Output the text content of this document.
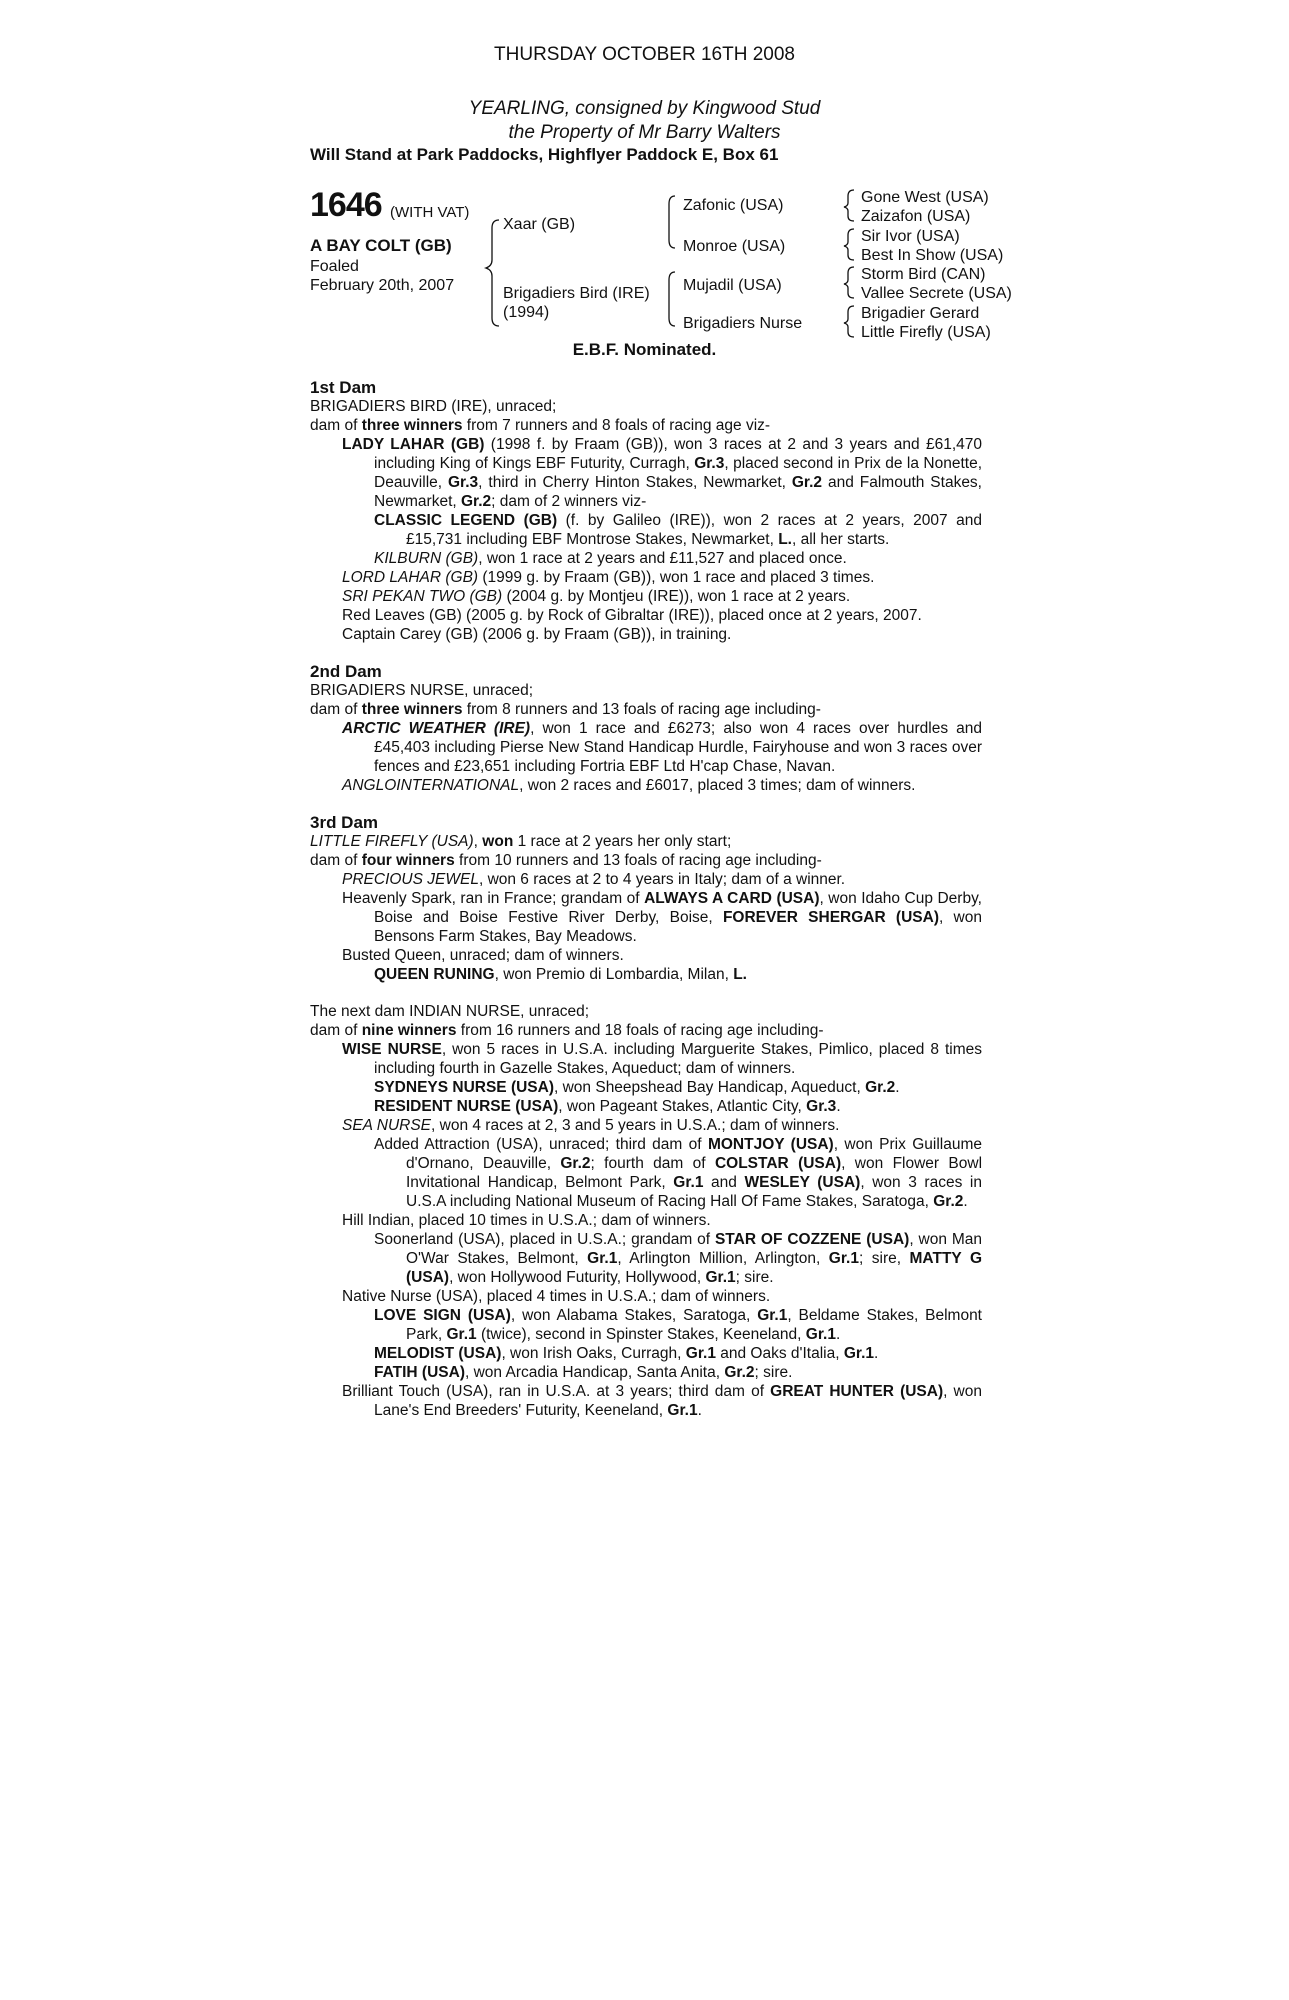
THURSDAY OCTOBER 16TH 2008
YEARLING, consigned by Kingwood Stud
the Property of Mr Barry Walters
Will Stand at Park Paddocks, Highflyer Paddock E, Box 61
1646 (WITH VAT)
A BAY COLT (GB)
Foaled
February 20th, 2007
Xaar (GB)
Brigadiers Bird (IRE)
(1994)
Zafonic (USA)
Monroe (USA)
Mujadil (USA)
Brigadiers Nurse
Gone West (USA)
Zaizafon (USA)
Sir Ivor (USA)
Best In Show (USA)
Storm Bird (CAN)
Vallee Secrete (USA)
Brigadier Gerard
Little Firefly (USA)
E.B.F. Nominated.
1st Dam
BRIGADIERS BIRD (IRE), unraced;
dam of three winners from 7 runners and 8 foals of racing age viz-
LADY LAHAR (GB) (1998 f. by Fraam (GB)), won 3 races at 2 and 3 years and £61,470 including King of Kings EBF Futurity, Curragh, Gr.3, placed second in Prix de la Nonette, Deauville, Gr.3, third in Cherry Hinton Stakes, Newmarket, Gr.2 and Falmouth Stakes, Newmarket, Gr.2; dam of 2 winners viz-
CLASSIC LEGEND (GB) (f. by Galileo (IRE)), won 2 races at 2 years, 2007 and £15,731 including EBF Montrose Stakes, Newmarket, L., all her starts.
KILBURN (GB), won 1 race at 2 years and £11,527 and placed once.
LORD LAHAR (GB) (1999 g. by Fraam (GB)), won 1 race and placed 3 times.
SRI PEKAN TWO (GB) (2004 g. by Montjeu (IRE)), won 1 race at 2 years.
Red Leaves (GB) (2005 g. by Rock of Gibraltar (IRE)), placed once at 2 years, 2007.
Captain Carey (GB) (2006 g. by Fraam (GB)), in training.
2nd Dam
BRIGADIERS NURSE, unraced;
dam of three winners from 8 runners and 13 foals of racing age including-
ARCTIC WEATHER (IRE), won 1 race and £6273; also won 4 races over hurdles and £45,403 including Pierse New Stand Handicap Hurdle, Fairyhouse and won 3 races over fences and £23,651 including Fortria EBF Ltd H'cap Chase, Navan.
ANGLOINTERNATIONAL, won 2 races and £6017, placed 3 times; dam of winners.
3rd Dam
LITTLE FIREFLY (USA), won 1 race at 2 years her only start;
dam of four winners from 10 runners and 13 foals of racing age including-
PRECIOUS JEWEL, won 6 races at 2 to 4 years in Italy; dam of a winner.
Heavenly Spark, ran in France; grandam of ALWAYS A CARD (USA), won Idaho Cup Derby, Boise and Boise Festive River Derby, Boise, FOREVER SHERGAR (USA), won Bensons Farm Stakes, Bay Meadows.
Busted Queen, unraced; dam of winners.
QUEEN RUNING, won Premio di Lombardia, Milan, L.
The next dam INDIAN NURSE, unraced;
dam of nine winners from 16 runners and 18 foals of racing age including-
WISE NURSE, won 5 races in U.S.A. including Marguerite Stakes, Pimlico, placed 8 times including fourth in Gazelle Stakes, Aqueduct; dam of winners.
SYDNEYS NURSE (USA), won Sheepshead Bay Handicap, Aqueduct, Gr.2.
RESIDENT NURSE (USA), won Pageant Stakes, Atlantic City, Gr.3.
SEA NURSE, won 4 races at 2, 3 and 5 years in U.S.A.; dam of winners.
Added Attraction (USA), unraced; third dam of MONTJOY (USA), won Prix Guillaume d'Ornano, Deauville, Gr.2; fourth dam of COLSTAR (USA), won Flower Bowl Invitational Handicap, Belmont Park, Gr.1 and WESLEY (USA), won 3 races in U.S.A including National Museum of Racing Hall Of Fame Stakes, Saratoga, Gr.2.
Hill Indian, placed 10 times in U.S.A.; dam of winners.
Soonerland (USA), placed in U.S.A.; grandam of STAR OF COZZENE (USA), won Man O'War Stakes, Belmont, Gr.1, Arlington Million, Arlington, Gr.1; sire, MATTY G (USA), won Hollywood Futurity, Hollywood, Gr.1; sire.
Native Nurse (USA), placed 4 times in U.S.A.; dam of winners.
LOVE SIGN (USA), won Alabama Stakes, Saratoga, Gr.1, Beldame Stakes, Belmont Park, Gr.1 (twice), second in Spinster Stakes, Keeneland, Gr.1.
MELODIST (USA), won Irish Oaks, Curragh, Gr.1 and Oaks d'Italia, Gr.1.
FATIH (USA), won Arcadia Handicap, Santa Anita, Gr.2; sire.
Brilliant Touch (USA), ran in U.S.A. at 3 years; third dam of GREAT HUNTER (USA), won Lane's End Breeders' Futurity, Keeneland, Gr.1.
